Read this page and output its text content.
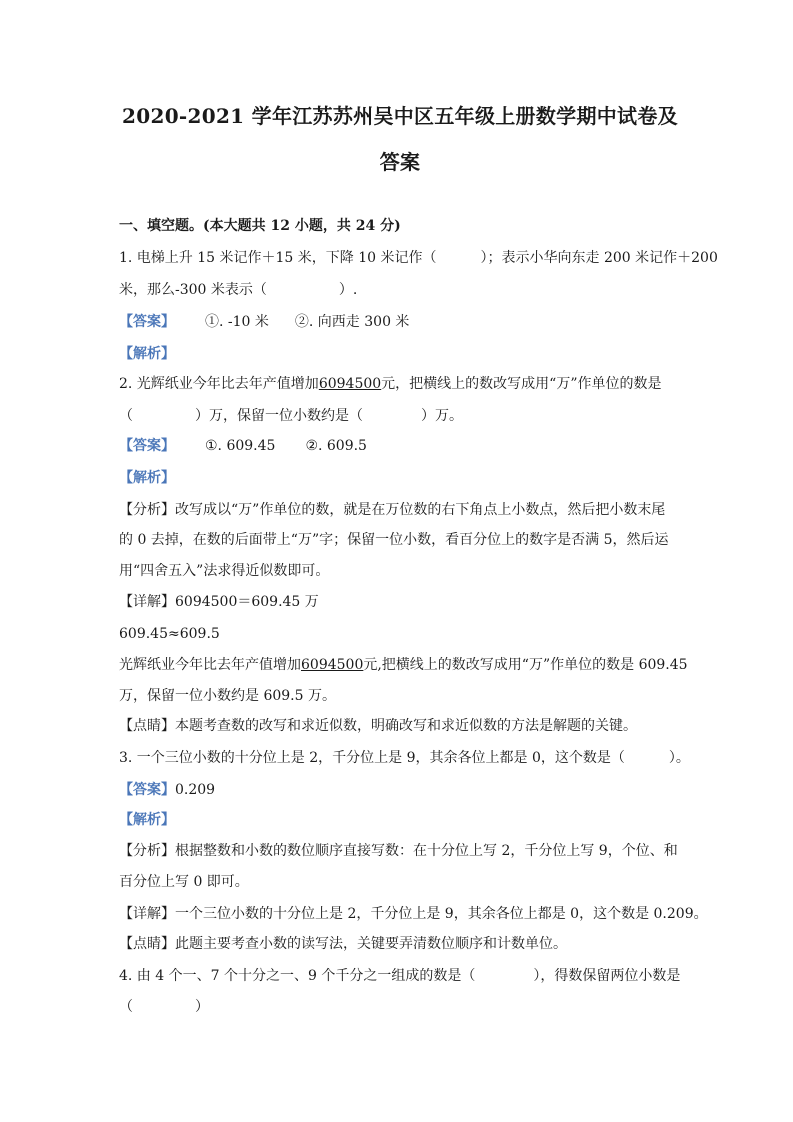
2020-2021 学年江苏苏州吴中区五年级上册数学期中试卷及
答案
一、填空题。(本大题共 12 小题，共 24 分)
1. 电梯上升 15 米记作＋15 米，下降 10 米记作（	）；表示小华向东走 200 米记作＋200
米，那么-300 米表示（	）.
【答案】 ①. -10 米 ②. 向西走 300 米
【解析】
2. 光辉纸业今年比去年产值增加6094500元，把横线上的数改写成用“万”作单位的数是
（	）万，保留一位小数约是（	）万。
【答案】 ①. 609.45 ②. 609.5
【解析】
【分析】改写成以“万”作单位的数，就是在万位数的右下角点上小数点，然后把小数末尾
的 0 去掉，在数的后面带上“万”字；保留一位小数，看百分位上的数字是否满 5，然后运
用“四舍五入”法求得近似数即可。
【详解】6094500＝609.45 万
609.45≈609.5
光辉纸业今年比去年产值增加6094500元,把横线上的数改写成用“万”作单位的数是 609.45
万，保留一位小数约是 609.5 万。
【点睛】本题考查数的改写和求近似数，明确改写和求近似数的方法是解题的关键。
3. 一个三位小数的十分位上是 2，千分位上是 9，其余各位上都是 0，这个数是（	）。
【答案】0.209
【解析】
【分析】根据整数和小数的数位顺序直接写数：在十分位上写 2，千分位上写 9，个位、和
百分位上写 0 即可。
【详解】一个三位小数的十分位上是 2，千分位上是 9，其余各位上都是 0，这个数是 0.209。
【点睛】此题主要考查小数的读写法，关键要弄清数位顺序和计数单位。
4. 由 4 个一、7 个十分之一、9 个千分之一组成的数是（	），得数保留两位小数是
（	）
